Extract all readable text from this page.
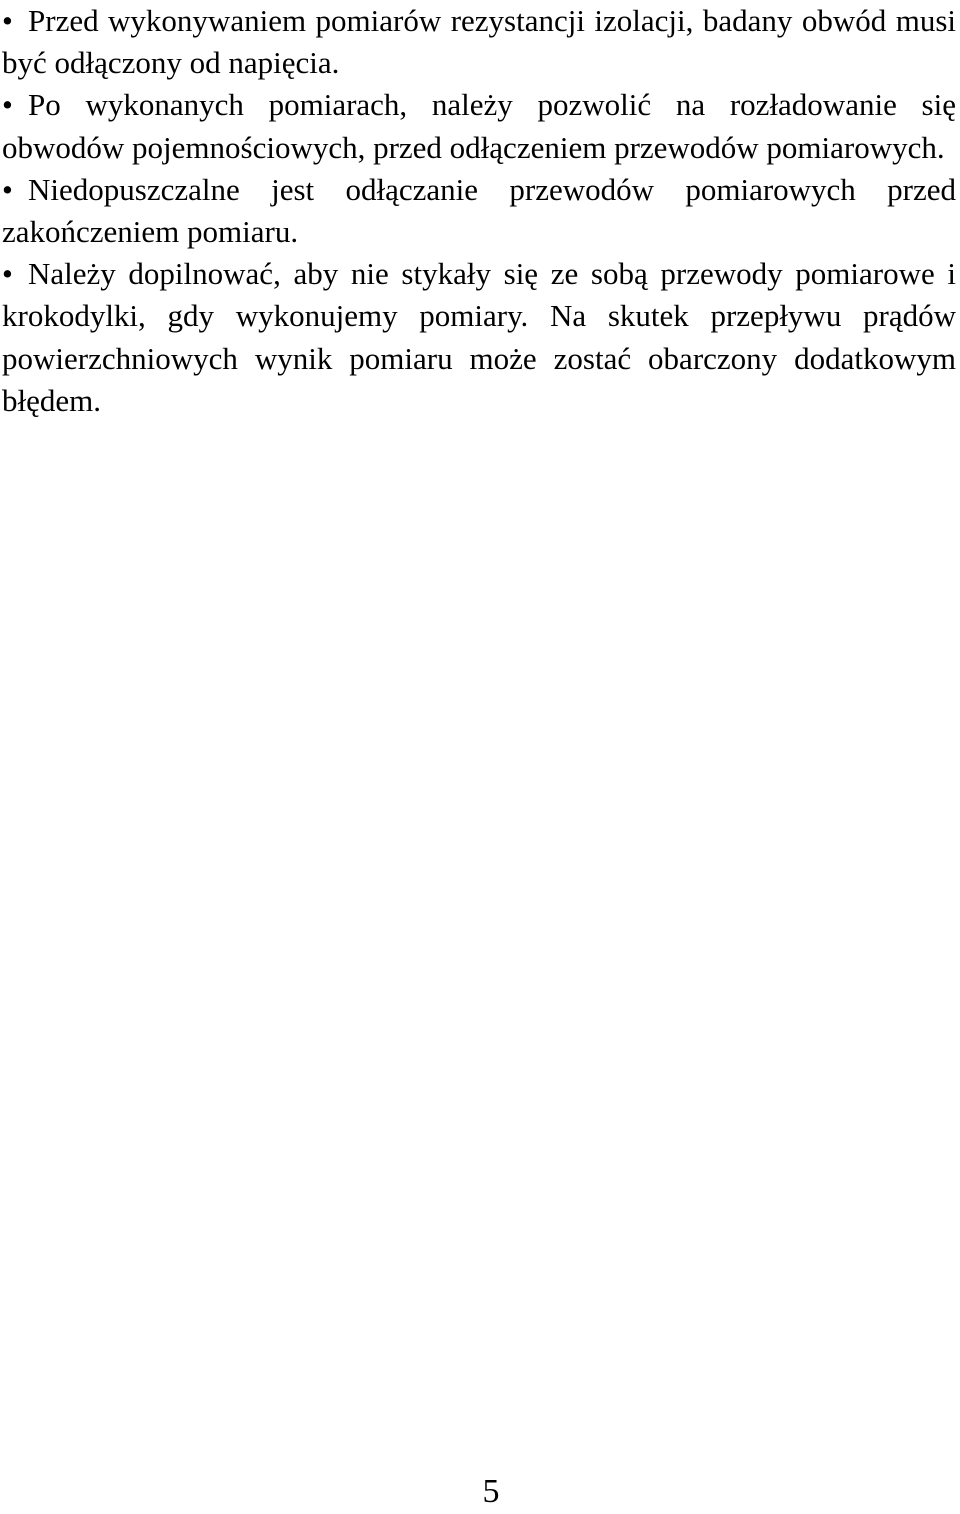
• Przed wykonywaniem pomiarów rezystancji izolacji, badany obwód musi być odłączony od napięcia.

• Po wykonanych pomiarach, należy pozwolić na rozładowanie się obwodów pojemnościowych, przed odłączeniem przewodów pomiarowych.

• Niedopuszczalne jest odłączanie przewodów pomiarowych przed zakończeniem pomiaru.

• Należy dopilnować, aby nie stykały się ze sobą przewody pomiarowe i krokodylki, gdy wykonujemy pomiary. Na skutek przepływu prądów powierzchniowych wynik pomiaru może zostać obarczony dodatkowym błędem.

5
